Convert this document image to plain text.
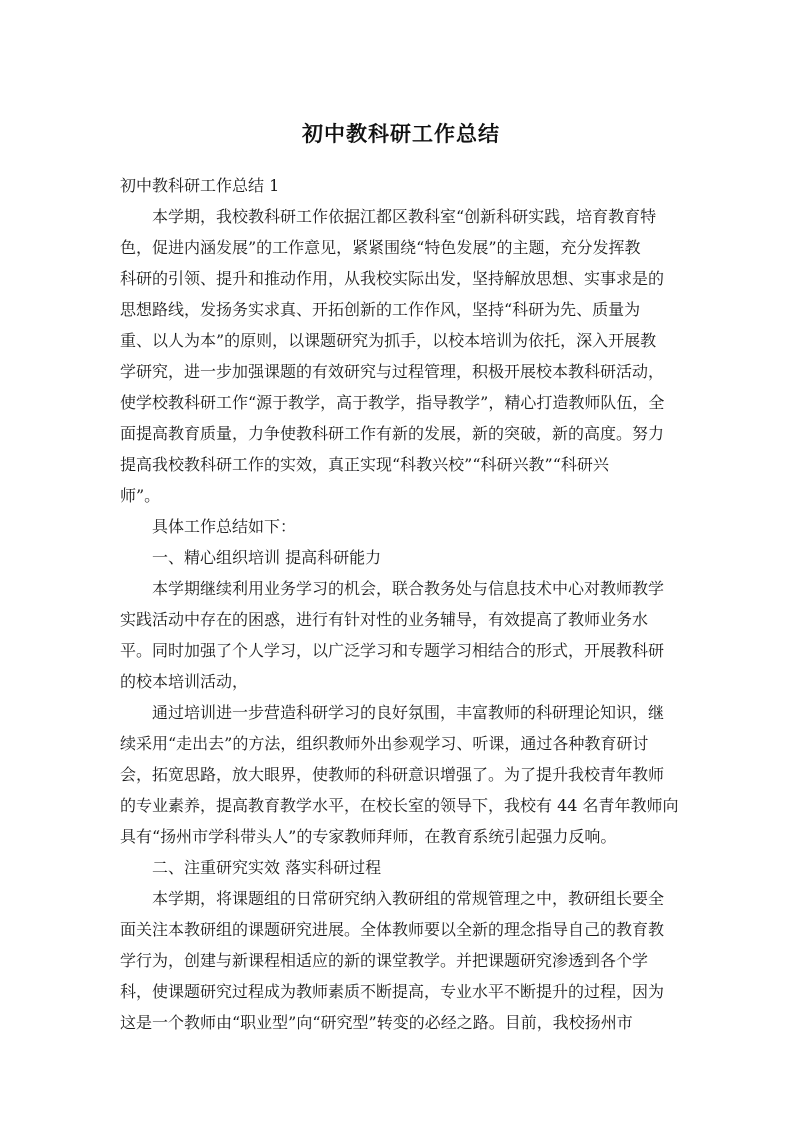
初中教科研工作总结

初中教科研工作总结 1

本学期，我校教科研工作依据江都区教科室“创新科研实践，培育教育特
色，促进内涵发展”的工作意见，紧紧围绕“特色发展”的主题，充分发挥教
科研的引领、提升和推动作用，从我校实际出发，坚持解放思想、实事求是的
思想路线，发扬务实求真、开拓创新的工作作风，坚持“科研为先、质量为
重、以人为本”的原则，以课题研究为抓手，以校本培训为依托，深入开展教
学研究，进一步加强课题的有效研究与过程管理，积极开展校本教科研活动，
使学校教科研工作“源于教学，高于教学，指导教学”，精心打造教师队伍，全
面提高教育质量，力争使教科研工作有新的发展，新的突破，新的高度。努力
提高我校教科研工作的实效，真正实现“科教兴校”“科研兴教”“科研兴
师”。

具体工作总结如下：

一、精心组织培训 提高科研能力

本学期继续利用业务学习的机会，联合教务处与信息技术中心对教师教学
实践活动中存在的困惑，进行有针对性的业务辅导，有效提高了教师业务水
平。同时加强了个人学习，以广泛学习和专题学习相结合的形式，开展教科研
的校本培训活动，

通过培训进一步营造科研学习的良好氛围，丰富教师的科研理论知识，继
续采用“走出去”的方法，组织教师外出参观学习、听课，通过各种教育研讨
会，拓宽思路，放大眼界，使教师的科研意识增强了。为了提升我校青年教师
的专业素养，提高教育教学水平，在校长室的领导下，我校有 44 名青年教师向
具有“扬州市学科带头人”的专家教师拜师，在教育系统引起强力反响。

二、注重研究实效 落实科研过程

本学期，将课题组的日常研究纳入教研组的常规管理之中，教研组长要全
面关注本教研组的课题研究进展。全体教师要以全新的理念指导自己的教育教
学行为，创建与新课程相适应的新的课堂教学。并把课题研究渗透到各个学
科，使课题研究过程成为教师素质不断提高，专业水平不断提升的过程，因为
这是一个教师由“职业型”向“研究型”转变的必经之路。目前，我校扬州市
